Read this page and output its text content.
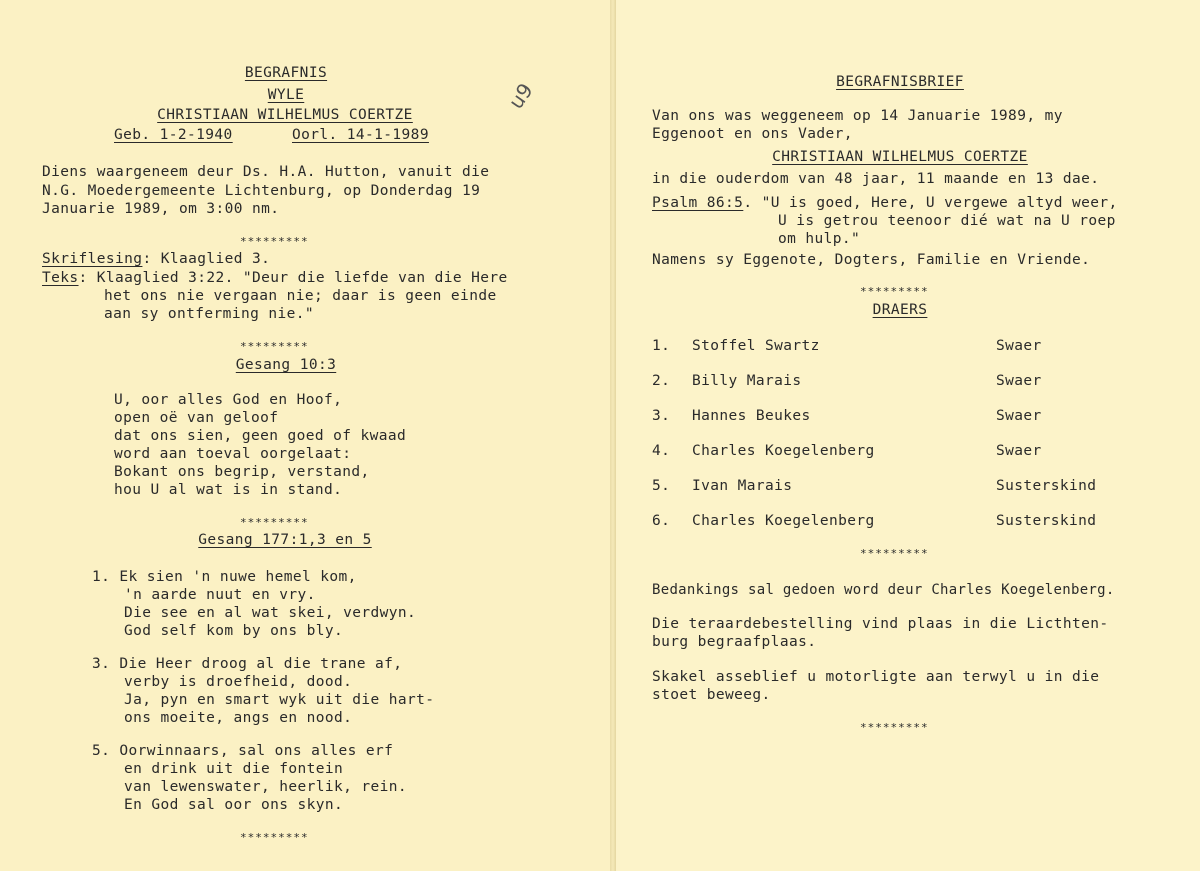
BEGRAFNIS
WYLE
CHRISTIAAN WILHELMUS COERTZE
Geb. 1-2-1940	Oorl. 14-1-1989
u9
Diens waargeneem deur Ds. H.A. Hutton, vanuit die
N.G. Moedergemeente Lichtenburg, op Donderdag 19
Januarie 1989, om 3:00 nm.
*********
Skriflesing: Klaaglied 3.
Teks: Klaaglied 3:22. "Deur die liefde van die Here
het ons nie vergaan nie; daar is geen einde
aan sy ontferming nie."
*********
Gesang 10:3
U, oor alles God en Hoof,
open oë van geloof
dat ons sien, geen goed of kwaad
word aan toeval oorgelaat:
Bokant ons begrip, verstand,
hou U al wat is in stand.
*********
Gesang 177:1,3 en 5
1. Ek sien 'n nuwe hemel kom,
'n aarde nuut en vry.
Die see en al wat skei, verdwyn.
God self kom by ons bly.
3. Die Heer droog al die trane af,
verby is droefheid, dood.
Ja, pyn en smart wyk uit die hart-
ons moeite, angs en nood.
5. Oorwinnaars, sal ons alles erf
en drink uit die fontein
van lewenswater, heerlik, rein.
En God sal oor ons skyn.
*********
BEGRAFNISBRIEF
Van ons was weggeneem op 14 Januarie 1989, my
Eggenoot en ons Vader,
CHRISTIAAN WILHELMUS COERTZE
in die ouderdom van 48 jaar, 11 maande en 13 dae.
Psalm 86:5. "U is goed, Here, U vergewe altyd weer,
U is getrou teenoor dié wat na U roep
om hulp."
Namens sy Eggenote, Dogters, Familie en Vriende.
*********
DRAERS
1. Stoffel Swartz	Swaer
2. Billy Marais	Swaer
3. Hannes Beukes	Swaer
4. Charles Koegelenberg	Swaer
5. Ivan Marais	Susterskind
6. Charles Koegelenberg	Susterskind
*********
Bedankings sal gedoen word deur Charles Koegelenberg.
Die teraardebestelling vind plaas in die Licthten-
burg begraafplaas.
Skakel asseblief u motorligte aan terwyl u in die
stoet beweeg.
*********
